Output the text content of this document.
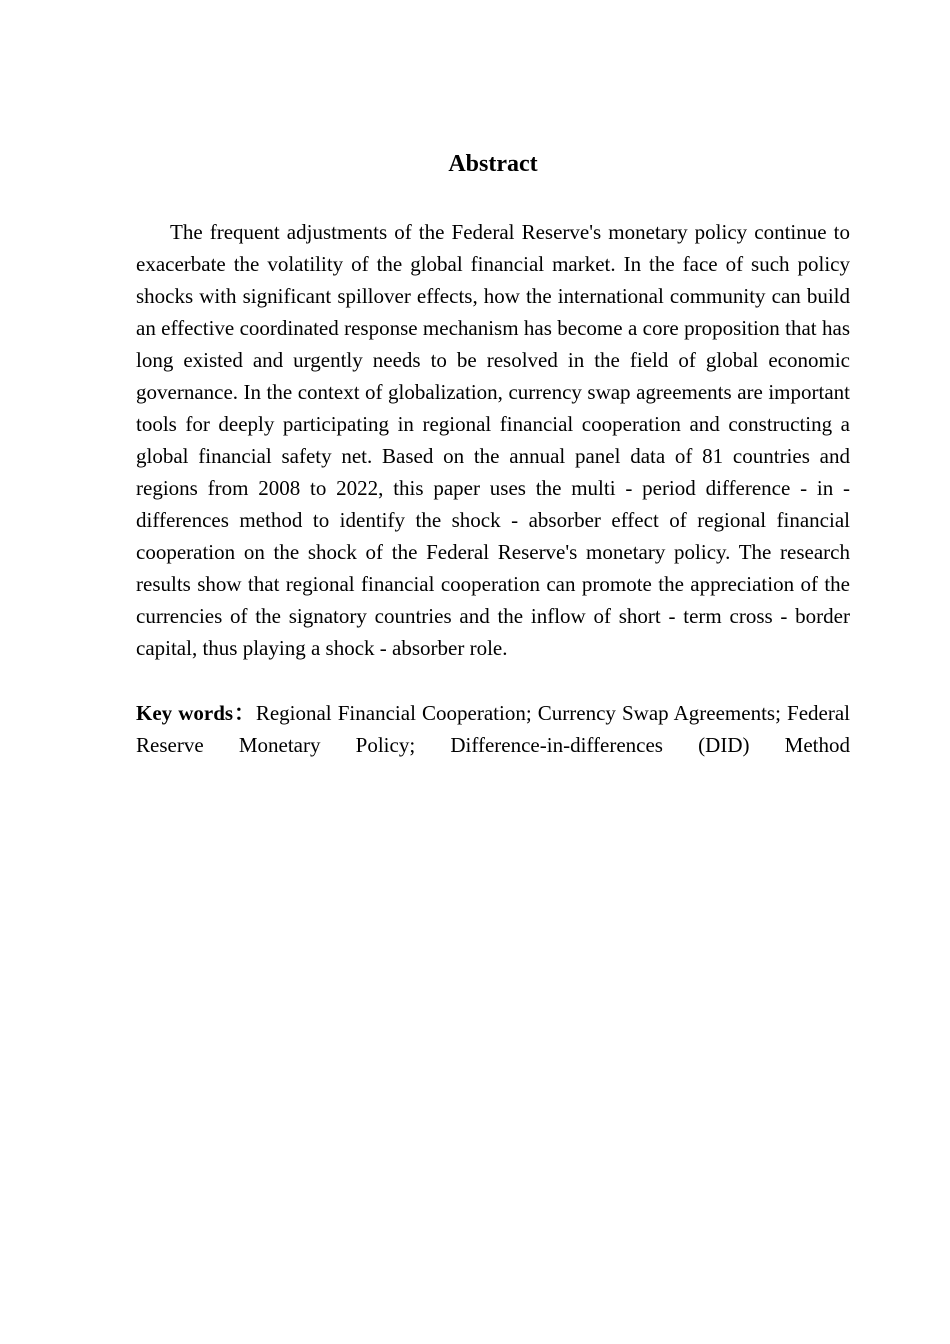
Abstract

The frequent adjustments of the Federal Reserve's monetary policy continue to exacerbate the volatility of the global financial market. In the face of such policy shocks with significant spillover effects, how the international community can build an effective coordinated response mechanism has become a core proposition that has long existed and urgently needs to be resolved in the field of global economic governance. In the context of globalization, currency swap agreements are important tools for deeply participating in regional financial cooperation and constructing a global financial safety net. Based on the annual panel data of 81 countries and regions from 2008 to 2022, this paper uses the multi - period difference - in - differences method to identify the shock - absorber effect of regional financial cooperation on the shock of the Federal Reserve's monetary policy. The research results show that regional financial cooperation can promote the appreciation of the currencies of the signatory countries and the inflow of short - term cross - border capital, thus playing a shock - absorber role.

Key words：Regional Financial Cooperation; Currency Swap Agreements; Federal Reserve Monetary Policy; Difference-in-differences (DID) Method
